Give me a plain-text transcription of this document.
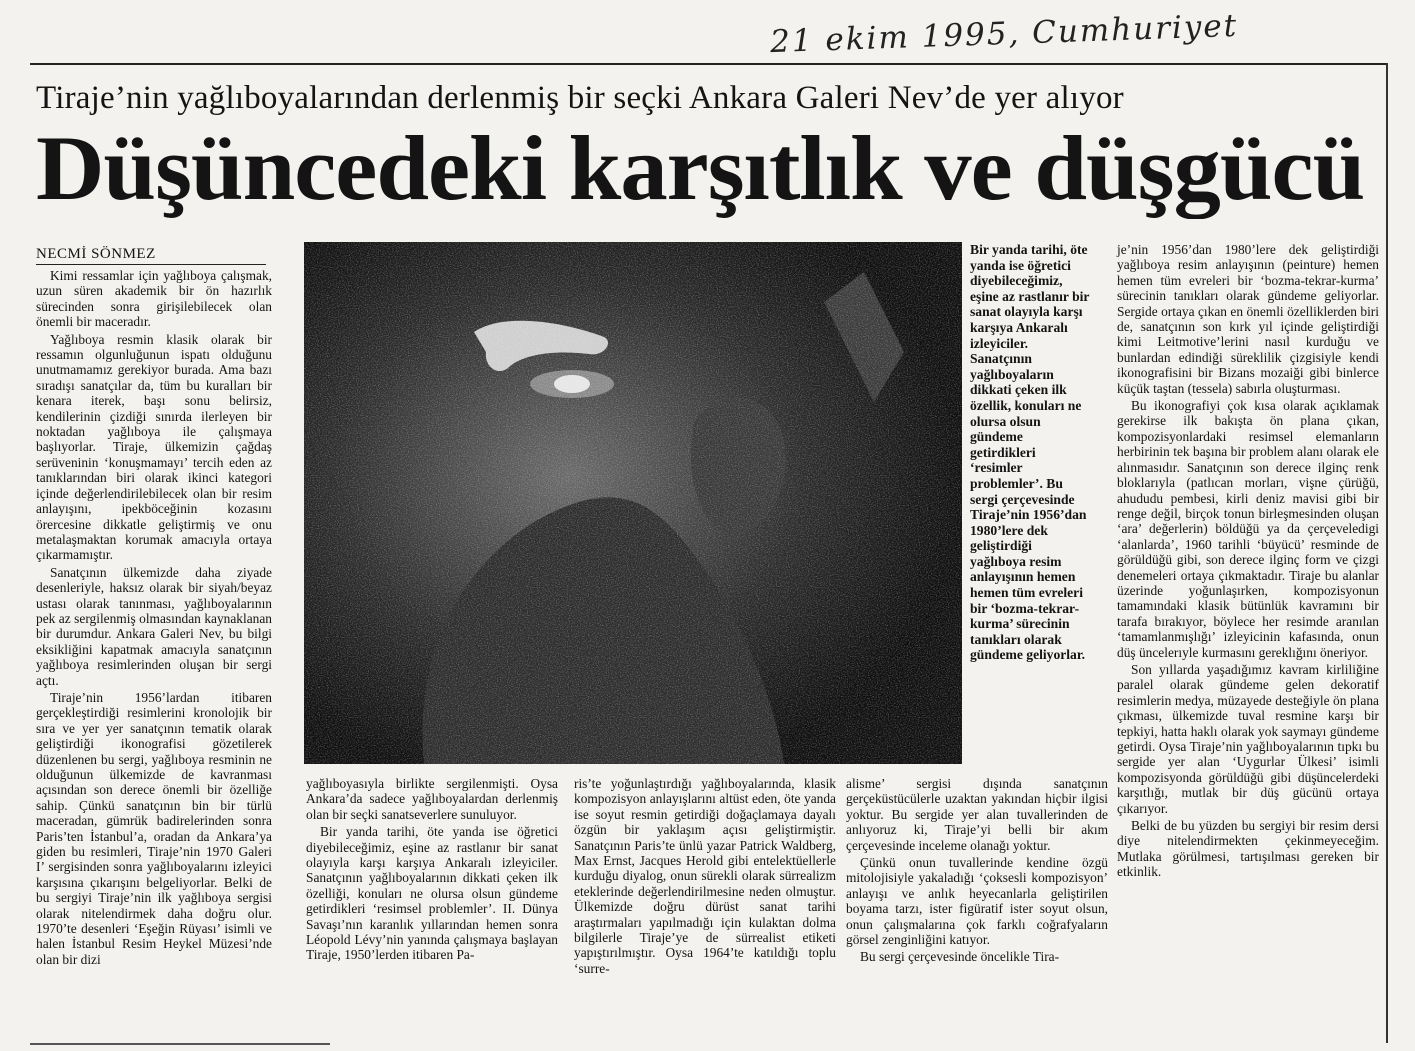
21 ekim 1995, Cumhuriyet
Tiraje’nin yağlıboyalarından derlenmiş bir seçki Ankara Galeri Nev’de yer alıyor
Düşüncedeki karşıtlık ve düşgücü
NECMİ SÖNMEZ

Kimi ressamlar için yağlıboya çalışmak, uzun süren akademik bir ön hazırlık sürecinden sonra girişilebilecek olan önemli bir maceradır.

Yağlıboya resmin klasik olarak bir ressamın olgunluğunun ispatı olduğunu unutmamamız gerekiyor burada. Ama bazı sıradışı sanatçılar da, tüm bu kuralları bir kenara iterek, başı sonu belirsiz, kendilerinin çizdiği sınırda ilerleyen bir noktadan yağlıboya ile çalışmaya başlıyorlar. Tiraje, ülkemizin çağdaş serüveninin ‘konuşmamayı’ tercih eden az tanıklarından biri olarak ikinci kategori içinde değerlendirilebilecek olan bir resim anlayışını, ipekböceğinin kozasını örercesine dikkatle geliştirmiş ve onu metalaşmaktan korumak amacıyla ortaya çıkarmamıştır.

Sanatçının ülkemizde daha ziyade desenleriyle, haksız olarak bir siyah/beyaz ustası olarak tanınması, yağlıboyalarının pek az sergilenmiş olmasından kaynaklanan bir durumdur. Ankara Galeri Nev, bu bilgi eksikliğini kapatmak amacıyla sanatçının yağlıboya resimlerinden oluşan bir sergi açtı.

Tiraje’nin 1956’lardan itibaren gerçekleştirdiği resimlerini kronolojik bir sıra ve yer yer sanatçının tematik olarak geliştirdiği ikonografisi gözetilerek düzenlenen bu sergi, yağlıboya resminin ne olduğunun ülkemizde de kavranması açısından son derece önemli bir özelliğe sahip. Çünkü sanatçının bin bir türlü maceradan, gümrük badirelerinden sonra Paris’ten İstanbul’a, oradan da Ankara’ya giden bu resimleri, Tiraje’nin 1970 Galeri I’ sergisinden sonra yağlıboyalarını izleyici karşısına çıkarışını belgeliyorlar. Belki de bu sergiyi Tiraje’nin ilk yağlıboya sergisi olarak nitelendirmek daha doğru olur. 1970’te desenleri ‘Eşeğin Rüyası’ isimli ve halen İstanbul Resim Heykel Müzesi’nde olan bir dizi

Bir yanda tarihi, öte yanda ise öğretici diyebileceğimiz, eşine az rastlanır bir sanat olayıyla karşı karşıya Ankaralı izleyiciler. Sanatçının yağlıboyaların dikkati çeken ilk özellik, konuları ne olursa olsun gündeme getirdikleri ‘resimler problemler’. Bu sergi çerçevesinde Tiraje’nin 1956’dan 1980’lere dek geliştirdiği yağlıboya resim anlayışının hemen hemen tüm evreleri bir ‘bozma-tekrar-kurma’ sürecinin tanıkları olarak gündeme geliyorlar.

je’nin 1956’dan 1980’lere dek geliştirdiği yağlıboya resim anlayışının (peinture) hemen hemen tüm evreleri bir ‘bozma-tekrar-kurma’ sürecinin tanıkları olarak gündeme geliyorlar. Sergide ortaya çıkan en önemli özelliklerden biri de, sanatçının son kırk yıl içinde geliştirdiği kimi Leitmotive’lerini nasıl kurduğu ve bunlardan edindiği süreklilik çizgisiyle kendi ikonografisini bir Bizans mozaiği gibi binlerce küçük taştan (tessela) sabırla oluşturması.

Bu ikonografiyi çok kısa olarak açıklamak gerekirse ilk bakışta ön plana çıkan, kompozisyonlardaki resimsel elemanların herbirinin tek başına bir problem alanı olarak ele alınmasıdır. Sanatçının son derece ilginç renk bloklarıyla (patlıcan morları, vişne çürüğü, ahududu pembesi, kirli deniz mavisi gibi bir renge değil, birçok tonun birleşmesinden oluşan ‘ara’ değerlerin) böldüğü ya da çerçeveledigi ‘alanlarda’, 1960 tarihli ‘büyücü’ resminde de görüldüğü gibi, son derece ilginç form ve çizgi denemeleri ortaya çıkmaktadır. Tiraje bu alanlar üzerinde yoğunlaşırken, kompozisyonun tamamındaki klasik bütünlük kavramını bir tarafa bırakıyor, böylece her resimde aranılan ‘tamamlanmışlığı’ izleyicinin kafasında, onun düş üncelerıyle kurmasını gereklığını öneriyor.

Son yıllarda yaşadığımız kavram kirliliğine paralel olarak gündeme gelen dekoratif resimlerin medya, müzayede desteğiyle ön plana çıkması, ülkemizde tuval resmine karşı bir tepkiyi, hatta haklı olarak yok saymayı gündeme getirdi. Oysa Tiraje’nin yağlıboyalarının tıpkı bu sergide yer alan ‘Uygurlar Ülkesi’ isimli kompozisyonda görüldüğü gibi düşüncelerdeki karşıtlığı, mutlak bir düş gücünü ortaya çıkarıyor.

Belki de bu yüzden bu sergiyi bir resim dersi diye nitelendirmekten çekinmeyeceğim. Mutlaka görülmesi, tartışılması gereken bir etkinlik.

yağlıboyasıyla birlikte sergilenmişti. Oysa Ankara’da sadece yağlıboyalardan derlenmiş olan bir seçki sanatseverlere sunuluyor.

Bir yanda tarihi, öte yanda ise öğretici diyebileceğimiz, eşine az rastlanır bir sanat olayıyla karşı karşıya Ankaralı izleyiciler. Sanatçının yağlıboyalarının dikkati çeken ilk özelliği, konuları ne olursa olsun gündeme getirdikleri ‘resimsel problemler’. II. Dünya Savaşı’nın karanlık yıllarından hemen sonra Léopold Lévy’nin yanında çalışmaya başlayan Tiraje, 1950’lerden itibaren Pa-

ris’te yoğunlaştırdığı yağlıboyalarında, klasik kompozisyon anlayışlarını altüst eden, öte yanda ise soyut resmin getirdiği doğaçlamaya dayalı özgün bir yaklaşım açısı geliştirmiştir. Sanatçının Paris’te ünlü yazar Patrick Waldberg, Max Ernst, Jacques Herold gibi entelektüellerle kurduğu diyalog, onun sürekli olarak sürrealizm eteklerinde değerlendirilmesine neden olmuştur. Ülkemizde doğru dürüst sanat tarihi araştırmaları yapılmadığı için kulaktan dolma bilgilerle Tiraje’ye de sürrealist etiketi yapıştırılmıştır. Oysa 1964’te katıldığı toplu ‘surre-

alisme’ sergisi dışında sanatçının gerçeküstücülerle uzaktan yakından hiçbir ilgisi yoktur. Bu sergide yer alan tuvallerinden de anlıyoruz ki, Tiraje’yi belli bir akım çerçevesinde inceleme olanağı yoktur.

Çünkü onun tuvallerinde kendine özgü mitolojisiyle yakaladığı ‘çoksesli kompozisyon’ anlayışı ve anlık heyecanlarla geliştirilen boyama tarzı, ister figüratif ister soyut olsun, onun çalışmalarına çok farklı coğrafyaların görsel zenginliğini katıyor.

Bu sergi çerçevesinde öncelikle Tira-
